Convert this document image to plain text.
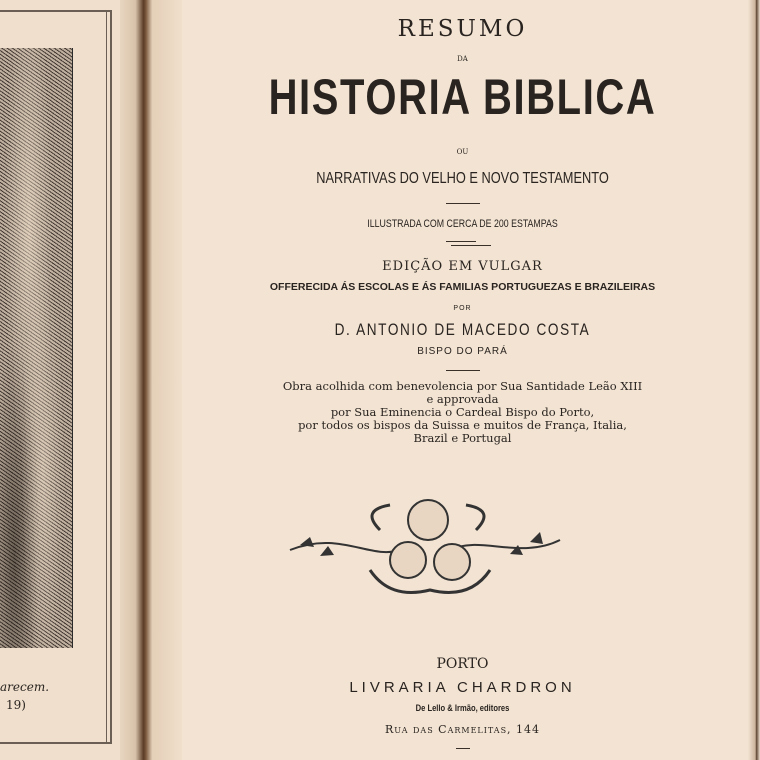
arecem.
19)
RESUMO
DA
HISTORIA BIBLICA
OU
NARRATIVAS DO VELHO E NOVO TESTAMENTO
ILLUSTRADA COM CERCA DE 200 ESTAMPAS
EDIÇÃO EM VULGAR
OFFERECIDA ÁS ESCOLAS E ÁS FAMILIAS PORTUGUEZAS E BRAZILEIRAS
POR
D. ANTONIO DE MACEDO COSTA
BISPO DO PARÁ
Obra acolhida com benevolencia por Sua Santidade Leão XIII
e approvada
por Sua Eminencia o Cardeal Bispo do Porto,
por todos os bispos da Suissa e muitos de França, Italia,
Brazil e Portugal
PORTO
LIVRARIA CHARDRON
De Lello & Irmão, editores
Rua das Carmelitas, 144
